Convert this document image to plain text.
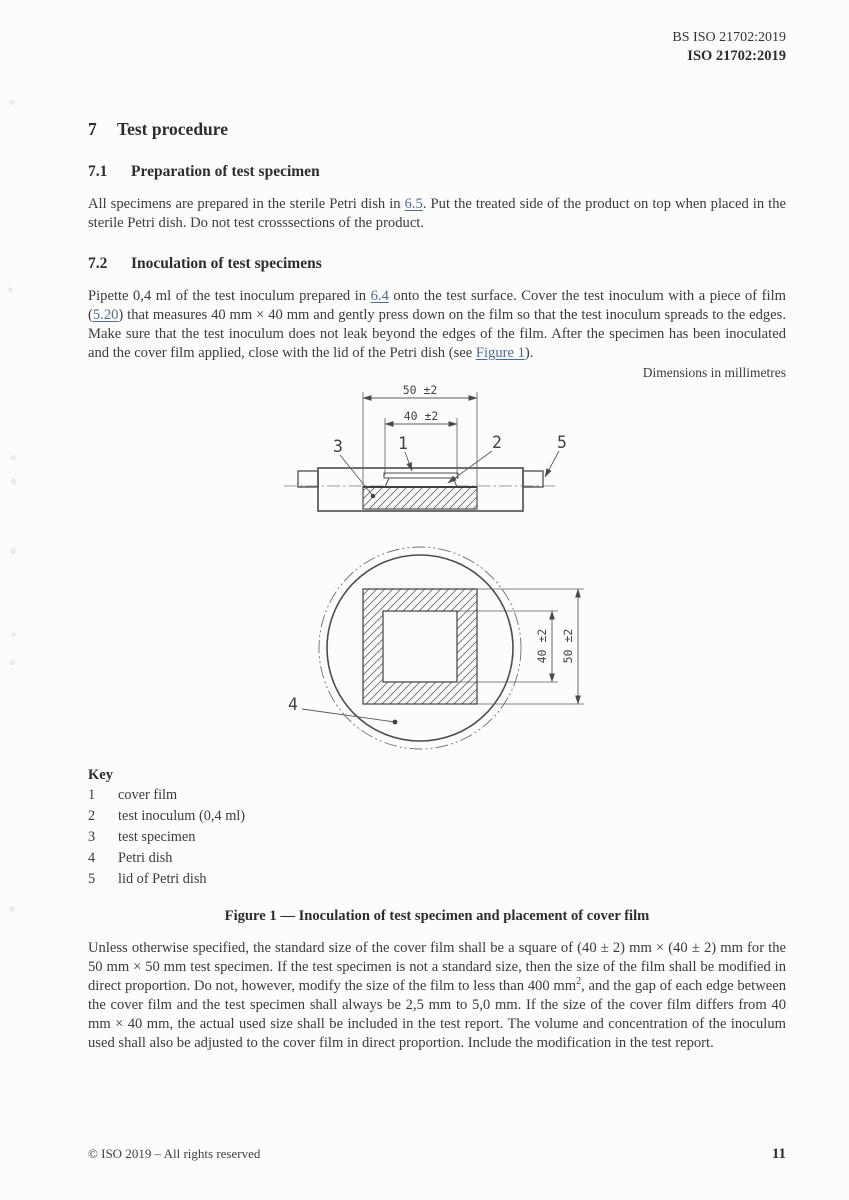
BS ISO 21702:2019
ISO 21702:2019
7 Test procedure
7.1 Preparation of test specimen

All specimens are prepared in the sterile Petri dish in 6.5. Put the treated side of the product on top when placed in the sterile Petri dish. Do not test crosssections of the product.

7.2 Inoculation of test specimens

Pipette 0,4 ml of the test inoculum prepared in 6.4 onto the test surface. Cover the test inoculum with a piece of film (5.20) that measures 40 mm × 40 mm and gently press down on the film so that the test inoculum spreads to the edges. Make sure that the test inoculum does not leak beyond the edges of the film. After the specimen has been inoculated and the cover film applied, close with the lid of the Petri dish (see Figure 1).

Dimensions in millimetres

50 ±2
40 ±2
3	1	2	5
40 ±2 50 ±2
4
Key
1 cover film
2 test inoculum (0,4 ml)
3 test specimen
4 Petri dish
5 lid of Petri dish

Figure 1 — Inoculation of test specimen and placement of cover film

Unless otherwise specified, the standard size of the cover film shall be a square of (40 ± 2) mm × (40 ± 2) mm for the 50 mm × 50 mm test specimen. If the test specimen is not a standard size, then the size of the film shall be modified in direct proportion. Do not, however, modify the size of the film to less than 400 $mm^2$, and the gap of each edge between the cover film and the test specimen shall always be 2,5 mm to 5,0 mm. If the size of the cover film differs from 40 mm × 40 mm, the actual used size shall be included in the test report. The volume and concentration of the inoculum used shall also be adjusted to the cover film in direct proportion. Include the modification in the test report.

© ISO 2019 – All rights reserved	11
